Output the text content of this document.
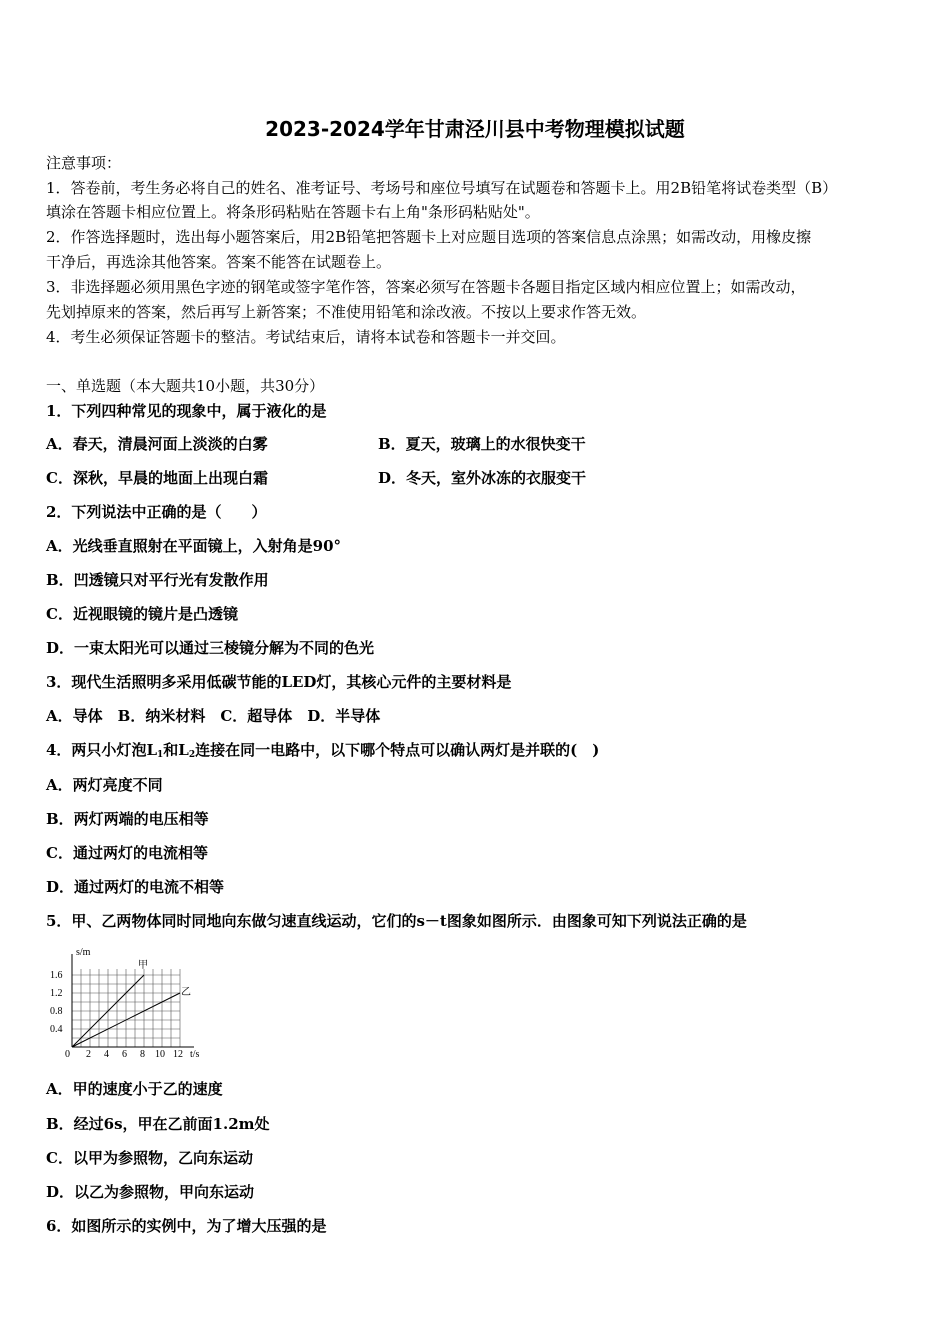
2023-2024学年甘肃泾川县中考物理模拟试题
注意事项：
1．答卷前，考生务必将自己的姓名、准考证号、考场号和座位号填写在试题卷和答题卡上。用2B铅笔将试卷类型（B）
填涂在答题卡相应位置上。将条形码粘贴在答题卡右上角"条形码粘贴处"。
2．作答选择题时，选出每小题答案后，用2B铅笔把答题卡上对应题目选项的答案信息点涂黑；如需改动，用橡皮擦
干净后，再选涂其他答案。答案不能答在试题卷上。
3．非选择题必须用黑色字迹的钢笔或签字笔作答，答案必须写在答题卡各题目指定区域内相应位置上；如需改动，
先划掉原来的答案，然后再写上新答案；不准使用铅笔和涂改液。不按以上要求作答无效。
4．考生必须保证答题卡的整洁。考试结束后，请将本试卷和答题卡一并交回。
一、单选题（本大题共10小题，共30分）
1．下列四种常见的现象中，属于液化的是
A．春天，清晨河面上淡淡的白雾	B．夏天，玻璃上的水很快变干
C．深秋，早晨的地面上出现白霜	D．冬天，室外冰冻的衣服变干
2．下列说法中正确的是（　　）
A．光线垂直照射在平面镜上，入射角是90°
B．凹透镜只对平行光有发散作用
C．近视眼镜的镜片是凸透镜
D．一束太阳光可以通过三棱镜分解为不同的色光
3．现代生活照明多采用低碳节能的LED灯，其核心元件的主要材料是
A．导体　B．纳米材料　C．超导体　D．半导体
4．两只小灯泡$L_1$和$L_2$连接在同一电路中，以下哪个特点可以确认两灯是并联的(　)
A．两灯亮度不同
B．两灯两端的电压相等
C．通过两灯的电流相等
D．通过两灯的电流不相等
5．甲、乙两物体同时同地向东做匀速直线运动，它们的s－t图象如图所示．由图象可知下列说法正确的是
s/m
t/s
1.6
1.2
0.8
0.4
0 2 4 6 8 10 12
甲
乙
A．甲的速度小于乙的速度
B．经过6s，甲在乙前面1.2m处
C．以甲为参照物，乙向东运动
D．以乙为参照物，甲向东运动
6．如图所示的实例中，为了增大压强的是
